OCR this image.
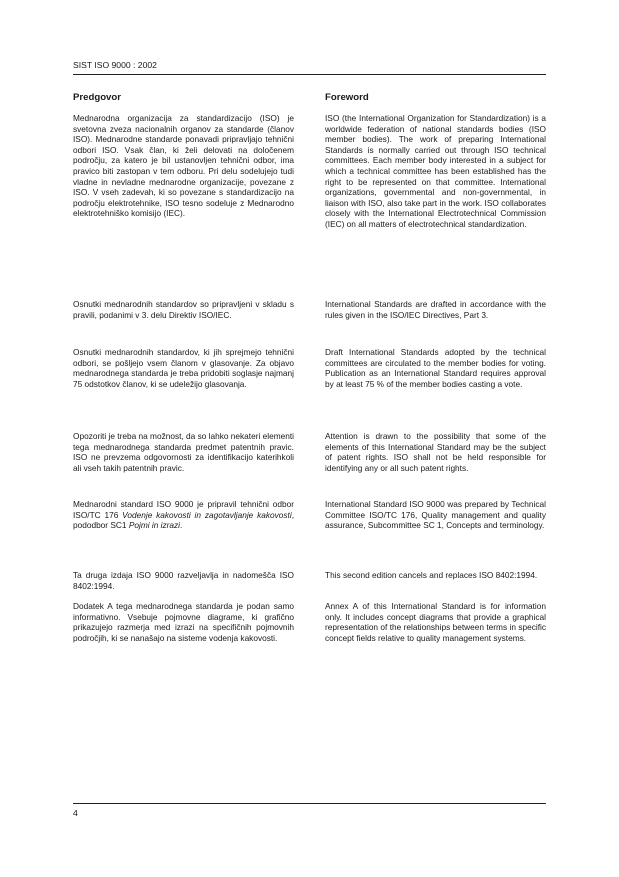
SIST ISO 9000 : 2002
Predgovor

Mednarodna organizacija za standardizacijo (ISO) je svetovna zveza nacionalnih organov za standarde (članov ISO). Mednarodne standarde ponavadi pripravljajo tehnični odbori ISO. Vsak član, ki želi delovati na določenem področju, za katero je bil ustanovljen tehnični odbor, ima pravico biti zastopan v tem odboru. Pri delu sodelujejo tudi vladne in nevladne mednarodne organizacije, povezane z ISO. V vseh zadevah, ki so povezane s standardizacijo na področju elektrotehnike, ISO tesno sodeluje z Mednarodno elektrotehniško komisijo (IEC).

Osnutki mednarodnih standardov so pripravljeni v skladu s pravili, podanimi v 3. delu Direktiv ISO/IEC.

Osnutki mednarodnih standardov, ki jih sprejmejo tehnični odbori, se pošljejo vsem članom v glasovanje. Za objavo mednarodnega standarda je treba pridobiti soglasje najmanj 75 odstotkov članov, ki se udeležijo glasovanja.

Opozoriti je treba na možnost, da so lahko nekateri elementi tega mednarodnega standarda predmet patentnih pravic. ISO ne prevzema odgovornosti za identifikacijo katerihkoli ali vseh takih patentnih pravic.

Mednarodni standard ISO 9000 je pripravil tehnični odbor ISO/TC 176 Vodenje kakovosti in zagotavljanje kakovosti, pododbor SC1 Pojmi in izrazi.

Ta druga izdaja ISO 9000 razveljavlja in nadomešča ISO 8402:1994.

Dodatek A tega mednarodnega standarda je podan samo informativno. Vsebuje pojmovne diagrame, ki grafično prikazujejo razmerja med izrazi na specifičnih pojmovnih področjih, ki se nanašajo na sisteme vodenja kakovosti.

Foreword

ISO (the International Organization for Standardization) is a worldwide federation of national standards bodies (ISO member bodies). The work of preparing International Standards is normally carried out through ISO technical committees. Each member body interested in a subject for which a technical committee has been established has the right to be represented on that committee. International organizations, governmental and non-governmental, in liaison with ISO, also take part in the work. ISO collaborates closely with the International Electrotechnical Commission (IEC) on all matters of electrotechnical standardization.

International Standards are drafted in accordance with the rules given in the ISO/IEC Directives, Part 3.

Draft International Standards adopted by the technical committees are circulated to the member bodies for voting. Publication as an International Standard requires approval by at least 75 % of the member bodies casting a vote.

Attention is drawn to the possibility that some of the elements of this International Standard may be the subject of patent rights. ISO shall not be held responsible for identifying any or all such patent rights.

International Standard ISO 9000 was prepared by Technical Committee ISO/TC 176, Quality management and quality assurance, Subcommittee SC 1, Concepts and terminology.

This second edition cancels and replaces ISO 8402:1994.

Annex A of this International Standard is for information only. It includes concept diagrams that provide a graphical representation of the relationships between terms in specific concept fields relative to quality management systems.

4
